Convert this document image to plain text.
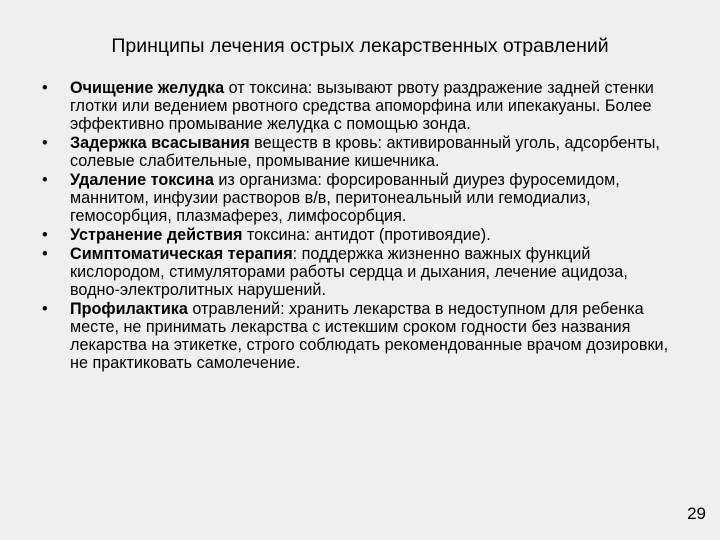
Принципы лечения острых лекарственных отравлений
•	Очищение желудка от токсина: вызывают рвоту раздражение задней стенки глотки или ведением рвотного средства апоморфина или ипекакуаны. Более эффективно промывание желудка с помощью зонда.
•	Задержка всасывания веществ в кровь: активированный уголь, адсорбенты, солевые слабительные, промывание кишечника.
•	Удаление токсина из организма: форсированный диурез фуросемидом, маннитом, инфузии растворов в/в, перитонеальный или гемодиализ, гемосорбция, плазмаферез, лимфосорбция.
•	Устранение действия токсина: антидот (противоядие).
•	Симптоматическая терапия: поддержка жизненно важных функций кислородом, стимуляторами работы сердца и дыхания, лечение ацидоза, водно-электролитных нарушений.
•	Профилактика отравлений: хранить лекарства в недоступном для ребенка месте, не принимать лекарства с истекшим сроком годности без названия лекарства на этикетке, строго соблюдать рекомендованные врачом дозировки, не практиковать самолечение.
29
